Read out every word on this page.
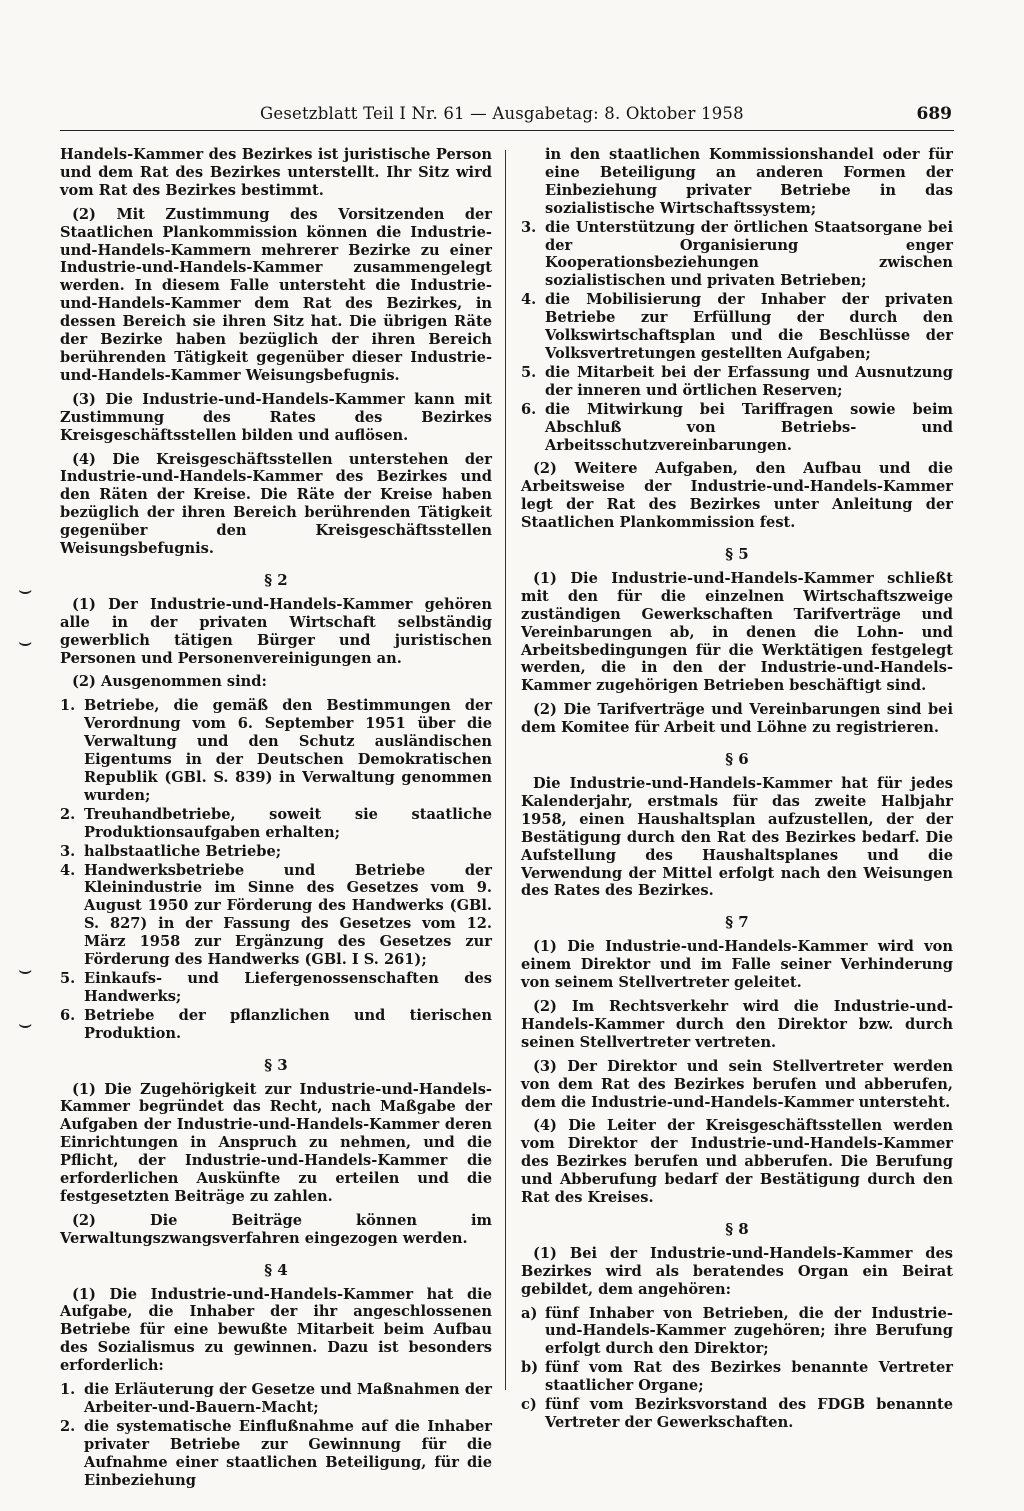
Gesetzblatt Teil I Nr. 61 — Ausgabetag: 8. Oktober 1958	689
⌣
⌣
⌣
⌣

Handels-Kammer des Bezirkes ist juristische Person und dem Rat des Bezirkes unterstellt. Ihr Sitz wird vom Rat des Bezirkes bestimmt.

(2) Mit Zustimmung des Vorsitzenden der Staatlichen Plankommission können die Industrie-und-Handels-Kammern mehrerer Bezirke zu einer Industrie-und-Handels-Kammer zusammengelegt werden. In diesem Falle untersteht die Industrie-und-Handels-Kammer dem Rat des Bezirkes, in dessen Bereich sie ihren Sitz hat. Die übrigen Räte der Bezirke haben bezüglich der ihren Bereich berührenden Tätigkeit gegenüber dieser Industrie-und-Handels-Kammer Weisungsbefugnis.

(3) Die Industrie-und-Handels-Kammer kann mit Zustimmung des Rates des Bezirkes Kreisgeschäftsstellen bilden und auflösen.

(4) Die Kreisgeschäftsstellen unterstehen der Industrie-und-Handels-Kammer des Bezirkes und den Räten der Kreise. Die Räte der Kreise haben bezüglich der ihren Bereich berührenden Tätigkeit gegenüber den Kreisgeschäftsstellen Weisungsbefugnis.

§ 2

(1) Der Industrie-und-Handels-Kammer gehören alle in der privaten Wirtschaft selbständig gewerblich tätigen Bürger und juristischen Personen und Personenvereinigungen an.

(2) Ausgenommen sind:

1. Betriebe, die gemäß den Bestimmungen der Verordnung vom 6. September 1951 über die Verwaltung und den Schutz ausländischen Eigentums in der Deutschen Demokratischen Republik (GBl. S. 839) in Verwaltung genommen wurden;
2. Treuhandbetriebe, soweit sie staatliche Produktionsaufgaben erhalten;
3. halbstaatliche Betriebe;
4. Handwerksbetriebe und Betriebe der Kleinindustrie im Sinne des Gesetzes vom 9. August 1950 zur Förderung des Handwerks (GBl. S. 827) in der Fassung des Gesetzes vom 12. März 1958 zur Ergänzung des Gesetzes zur Förderung des Handwerks (GBl. I S. 261);
5. Einkaufs- und Liefergenossenschaften des Handwerks;
6. Betriebe der pflanzlichen und tierischen Produktion.
§ 3

(1) Die Zugehörigkeit zur Industrie-und-Handels-Kammer begründet das Recht, nach Maßgabe der Aufgaben der Industrie-und-Handels-Kammer deren Einrichtungen in Anspruch zu nehmen, und die Pflicht, der Industrie-und-Handels-Kammer die erforderlichen Auskünfte zu erteilen und die festgesetzten Beiträge zu zahlen.

(2) Die Beiträge können im Verwaltungszwangsverfahren eingezogen werden.

§ 4

(1) Die Industrie-und-Handels-Kammer hat die Aufgabe, die Inhaber der ihr angeschlossenen Betriebe für eine bewußte Mitarbeit beim Aufbau des Sozialismus zu gewinnen. Dazu ist besonders erforderlich:

1. die Erläuterung der Gesetze und Maßnahmen der Arbeiter-und-Bauern-Macht;
2. die systematische Einflußnahme auf die Inhaber privater Betriebe zur Gewinnung für die Aufnahme einer staatlichen Beteiligung, für die Einbeziehung
in den staatlichen Kommissionshandel oder für eine Beteiligung an anderen Formen der Einbeziehung privater Betriebe in das sozialistische Wirtschaftssystem;
3. die Unterstützung der örtlichen Staatsorgane bei der Organisierung enger Kooperationsbeziehungen zwischen sozialistischen und privaten Betrieben;
4. die Mobilisierung der Inhaber der privaten Betriebe zur Erfüllung der durch den Volkswirtschaftsplan und die Beschlüsse der Volksvertretungen gestellten Aufgaben;
5. die Mitarbeit bei der Erfassung und Ausnutzung der inneren und örtlichen Reserven;
6. die Mitwirkung bei Tariffragen sowie beim Abschluß von Betriebs- und Arbeitsschutzvereinbarungen.

(2) Weitere Aufgaben, den Aufbau und die Arbeitsweise der Industrie-und-Handels-Kammer legt der Rat des Bezirkes unter Anleitung der Staatlichen Plankommission fest.

§ 5

(1) Die Industrie-und-Handels-Kammer schließt mit den für die einzelnen Wirtschaftszweige zuständigen Gewerkschaften Tarifverträge und Vereinbarungen ab, in denen die Lohn- und Arbeitsbedingungen für die Werktätigen festgelegt werden, die in den der Industrie-und-Handels-Kammer zugehörigen Betrieben beschäftigt sind.

(2) Die Tarifverträge und Vereinbarungen sind bei dem Komitee für Arbeit und Löhne zu registrieren.

§ 6

Die Industrie-und-Handels-Kammer hat für jedes Kalenderjahr, erstmals für das zweite Halbjahr 1958, einen Haushaltsplan aufzustellen, der der Bestätigung durch den Rat des Bezirkes bedarf. Die Aufstellung des Haushaltsplanes und die Verwendung der Mittel erfolgt nach den Weisungen des Rates des Bezirkes.

§ 7

(1) Die Industrie-und-Handels-Kammer wird von einem Direktor und im Falle seiner Verhinderung von seinem Stellvertreter geleitet.

(2) Im Rechtsverkehr wird die Industrie-und-Handels-Kammer durch den Direktor bzw. durch seinen Stellvertreter vertreten.

(3) Der Direktor und sein Stellvertreter werden von dem Rat des Bezirkes berufen und abberufen, dem die Industrie-und-Handels-Kammer untersteht.

(4) Die Leiter der Kreisgeschäftsstellen werden vom Direktor der Industrie-und-Handels-Kammer des Bezirkes berufen und abberufen. Die Berufung und Abberufung bedarf der Bestätigung durch den Rat des Kreises.

§ 8

(1) Bei der Industrie-und-Handels-Kammer des Bezirkes wird als beratendes Organ ein Beirat gebildet, dem angehören:

a) fünf Inhaber von Betrieben, die der Industrie-und-Handels-Kammer zugehören; ihre Berufung erfolgt durch den Direktor;
b) fünf vom Rat des Bezirkes benannte Vertreter staatlicher Organe;
c) fünf vom Bezirksvorstand des FDGB benannte Vertreter der Gewerkschaften.
